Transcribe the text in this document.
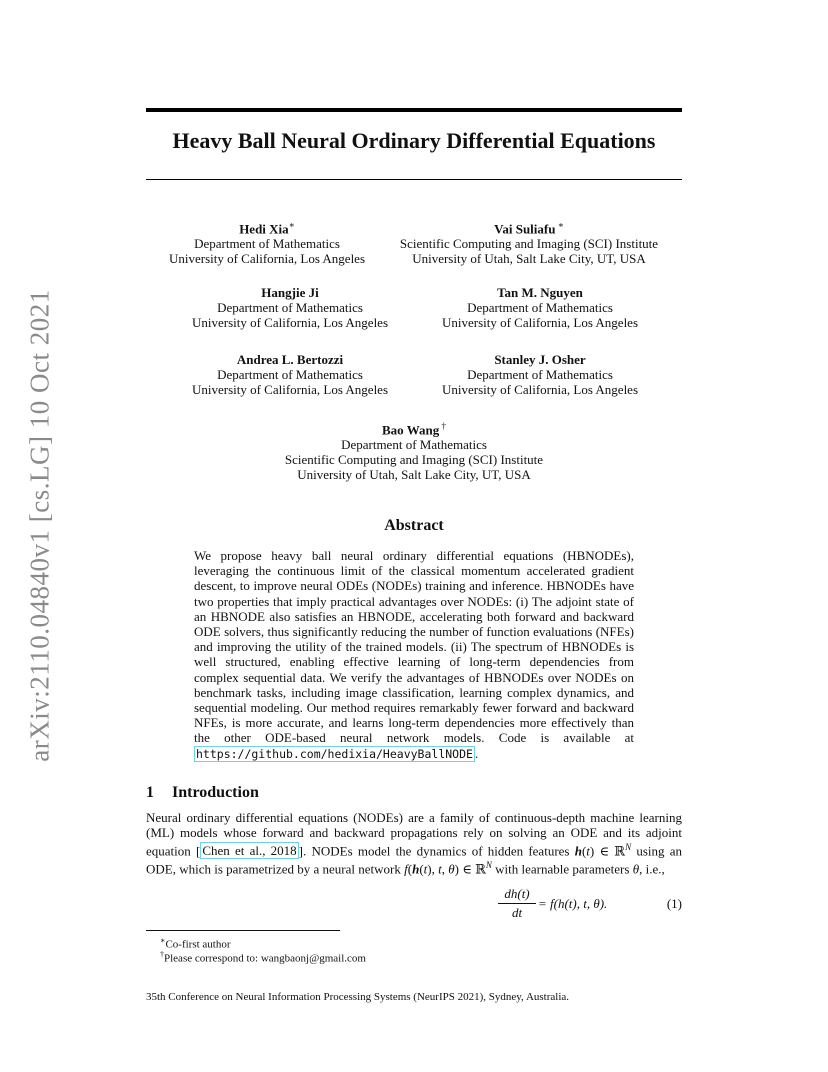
arXiv:2110.04840v1 [cs.LG] 10 Oct 2021
Heavy Ball Neural Ordinary Differential Equations
Hedi Xia∗
Department of Mathematics
University of California, Los Angeles
Vai Suliafu ∗
Scientific Computing and Imaging (SCI) Institute
University of Utah, Salt Lake City, UT, USA
Hangjie Ji
Department of Mathematics
University of California, Los Angeles
Tan M. Nguyen
Department of Mathematics
University of California, Los Angeles
Andrea L. Bertozzi
Department of Mathematics
University of California, Los Angeles
Stanley J. Osher
Department of Mathematics
University of California, Los Angeles
Bao Wang †
Department of Mathematics
Scientific Computing and Imaging (SCI) Institute
University of Utah, Salt Lake City, UT, USA
Abstract
We propose heavy ball neural ordinary differential equations (HBNODEs), leveraging the continuous limit of the classical momentum accelerated gradient descent, to improve neural ODEs (NODEs) training and inference. HBNODEs have two properties that imply practical advantages over NODEs: (i) The adjoint state of an HBNODE also satisfies an HBNODE, accelerating both forward and backward ODE solvers, thus significantly reducing the number of function evaluations (NFEs) and improving the utility of the trained models. (ii) The spectrum of HBNODEs is well structured, enabling effective learning of long-term dependencies from complex sequential data. We verify the advantages of HBNODEs over NODEs on benchmark tasks, including image classification, learning complex dynamics, and sequential modeling. Our method requires remarkably fewer forward and backward NFEs, is more accurate, and learns long-term dependencies more effectively than the other ODE-based neural network models. Code is available at https://github.com/hedixia/HeavyBallNODE .
1 Introduction
Neural ordinary differential equations (NODEs) are a family of continuous-depth machine learning (ML) models whose forward and backward propagations rely on solving an ODE and its adjoint equation [ Chen et al., 2018 ]. NODEs model the dynamics of hidden features h(t) ∈ ℝ$^N$ using an ODE, which is parametrized by a neural network f(h(t), t, θ) ∈ ℝ$^N$ with learnable parameters θ, i.e.,
$\frac{dh(t)}{dt} = f(h(t)$, t, θ).	(1)
∗Co-first author
†Please correspond to: wangbaonj@gmail.com
35th Conference on Neural Information Processing Systems (NeurIPS 2021), Sydney, Australia.
